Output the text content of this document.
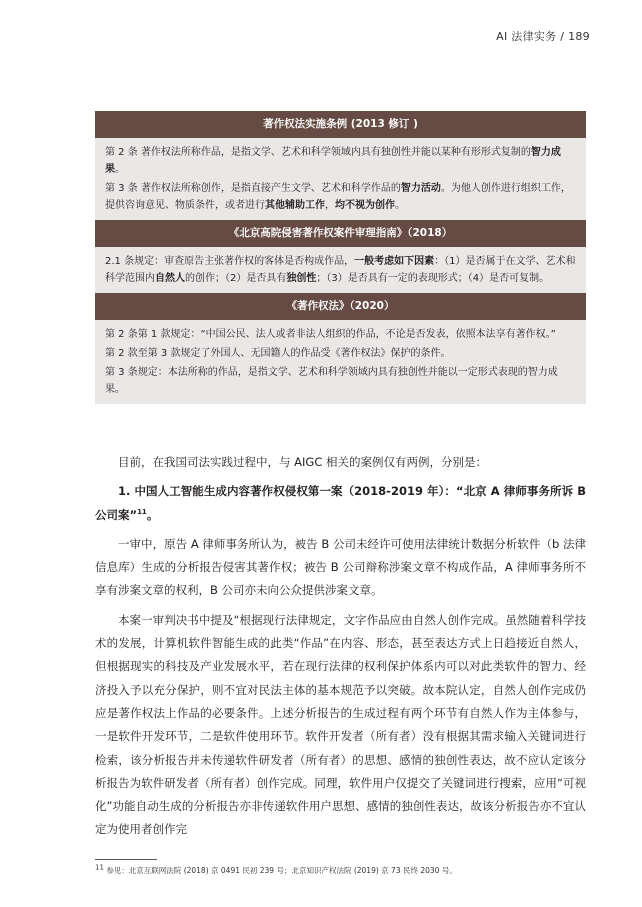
AI 法律实务 / 189
著作权法实施条例 (2013 修订 )

第 2 条 著作权法所称作品，是指文学、艺术和科学领域内具有独创性并能以某种有形形式复制的智力成果。

第 3 条 著作权法所称创作，是指直接产生文学、艺术和科学作品的智力活动。为他人创作进行组织工作，提供咨询意见、物质条件，或者进行其他辅助工作，均不视为创作。

《北京高院侵害著作权案件审理指南》（2018）

2.1 条规定：审查原告主张著作权的客体是否构成作品，一般考虑如下因素：（1）是否属于在文学、艺术和科学范围内自然人的创作；（2）是否具有独创性；（3）是否具有一定的表现形式；（4）是否可复制。

《著作权法》（2020）

第 2 条第 1 款规定：“中国公民、法人或者非法人组织的作品，不论是否发表，依照本法享有著作权。”

第 2 款至第 3 款规定了外国人、无国籍人的作品受《著作权法》保护的条件。

第 3 条规定：本法所称的作品，是指文学、艺术和科学领域内具有独创性并能以一定形式表现的智力成果。

目前，在我国司法实践过程中，与 AIGC 相关的案例仅有两例，分别是：

1. 中国人工智能生成内容著作权侵权第一案（2018-2019 年）：“北京 A 律师事务所诉 B 公司案”$^{11}$。

一审中，原告 A 律师事务所认为，被告 B 公司未经许可使用法律统计数据分析软件（b 法律信息库）生成的分析报告侵害其著作权；被告 B 公司辩称涉案文章不构成作品，A 律师事务所不享有涉案文章的权利，B 公司亦未向公众提供涉案文章。

本案一审判决书中提及“根据现行法律规定，文字作品应由自然人创作完成。虽然随着科学技术的发展，计算机软件智能生成的此类“作品”在内容、形态，甚至表达方式上日趋接近自然人，但根据现实的科技及产业发展水平，若在现行法律的权利保护体系内可以对此类软件的智力、经济投入予以充分保护，则不宜对民法主体的基本规范予以突破。故本院认定，自然人创作完成仍应是著作权法上作品的必要条件。上述分析报告的生成过程有两个环节有自然人作为主体参与，一是软件开发环节，二是软件使用环节。软件开发者（所有者）没有根据其需求输入关键词进行检索，该分析报告并未传递软件研发者（所有者）的思想、感情的独创性表达，故不应认定该分析报告为软件研发者（所有者）创作完成。同理，软件用户仅提交了关键词进行搜索，应用“可视化”功能自动生成的分析报告亦非传递软件用户思想、感情的独创性表达，故该分析报告亦不宜认定为使用者创作完

$^{11}$ 参见：北京互联网法院 (2018) 京 0491 民初 239 号；北京知识产权法院 (2019) 京 73 民终 2030 号。
